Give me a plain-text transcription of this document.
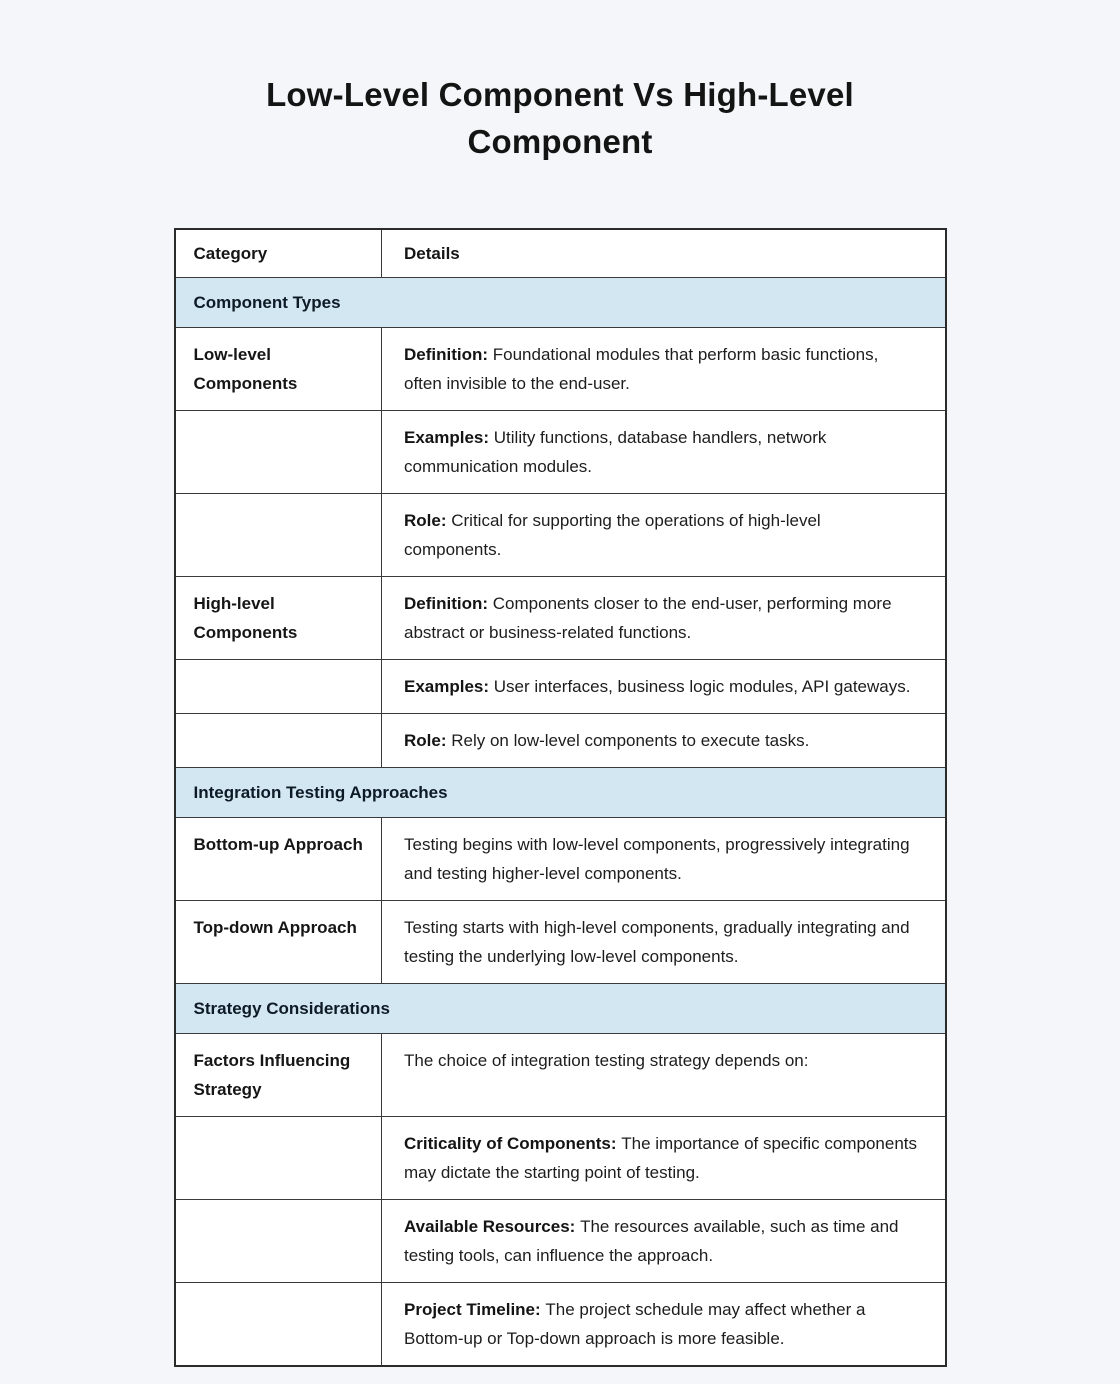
Low-Level Component Vs High-Level Component
Category	Details
Component Types	
Low-level Components	Definition: Foundational modules that perform basic functions, often invisible to the end-user.
	Examples: Utility functions, database handlers, network communication modules.
	Role: Critical for supporting the operations of high-level components.
High-level Components	Definition: Components closer to the end-user, performing more abstract or business-related functions.
	Examples: User interfaces, business logic modules, API gateways.
	Role: Rely on low-level components to execute tasks.
Integration Testing Approaches	
Bottom-up Approach	Testing begins with low-level components, progressively integrating and testing higher-level components.
Top-down Approach	Testing starts with high-level components, gradually integrating and testing the underlying low-level components.
Strategy Considerations	
Factors Influencing Strategy	The choice of integration testing strategy depends on:
	Criticality of Components: The importance of specific components may dictate the starting point of testing.
	Available Resources: The resources available, such as time and testing tools, can influence the approach.
	Project Timeline: The project schedule may affect whether a Bottom-up or Top-down approach is more feasible.
